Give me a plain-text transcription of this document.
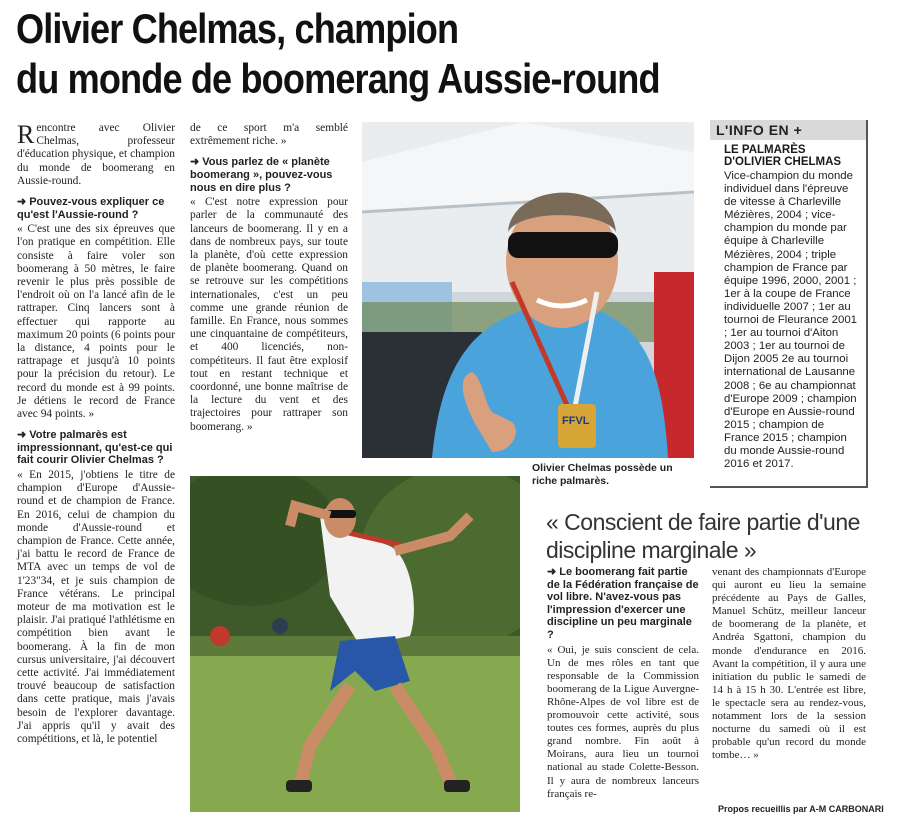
Olivier Chelmas, champion
du monde de boomerang Aussie-round

Rencontre avec Olivier Chelmas, professeur d'éducation physique, et champion du monde de boomerang en Aussie-round.

➜ Pouvez-vous expliquer ce qu'est l'Aussie-round ?

« C'est une des six épreuves que l'on pratique en compétition. Elle consiste à faire voler son boomerang à 50 mètres, le faire revenir le plus près possible de l'endroit où on l'a lancé afin de le rattraper. Cinq lancers sont à effectuer qui rapporte au maximum 20 points (6 points pour la distance, 4 points pour le rattrapage et jusqu'à 10 points pour la précision du retour). Le record du monde est à 99 points. Je détiens le record de France avec 94 points. »

➜ Votre palmarès est impressionnant, qu'est-ce qui fait courir Olivier Chelmas ?

« En 2015, j'obtiens le titre de champion d'Europe d'Aussie-round et de champion de France. En 2016, celui de champion du monde d'Aussie-round et champion de France. Cette année, j'ai battu le record de France de MTA avec un temps de vol de 1'23"34, et je suis champion de France vétérans. Le principal moteur de ma motivation est le plaisir. J'ai pratiqué l'athlétisme en compétition bien avant le boomerang. À la fin de mon cursus universitaire, j'ai découvert cette activité. J'ai immédiatement trouvé beaucoup de satisfaction dans cette pratique, mais j'avais besoin de l'explorer davantage. J'ai appris qu'il y avait des compétitions, et là, le potentiel

de ce sport m'a semblé extrêmement riche. »

➜ Vous parlez de « planète boomerang », pouvez-vous nous en dire plus ?

« C'est notre expression pour parler de la communauté des lanceurs de boomerang. Il y en a dans de nombreux pays, sur toute la planète, d'où cette expression de planète boomerang. Quand on se retrouve sur les compétitions internationales, c'est un peu comme une grande réunion de famille. En France, nous sommes une cinquantaine de compétiteurs, et 400 licenciés, non-compétiteurs. Il faut être explosif tout en restant technique et coordonné, une bonne maîtrise de la lecture du vent et des trajectoires pour rattraper son boomerang. »	FFVL
Olivier Chelmas possède un riche palmarès.
L'INFO EN +
LE PALMARÈS D'OLIVIER CHELMAS
Vice-champion du monde individuel dans l'épreuve de vitesse à Charleville Mézières, 2004 ; vice-champion du monde par équipe à Charleville Mézières, 2004 ; triple champion de France par équipe 1996, 2000, 2001 ; 1er à la coupe de France individuelle 2007 ; 1er au tournoi de Fleurance 2001 ; 1er au tournoi d'Aiton 2003 ; 1er au tournoi de Dijon 2005 2e au tournoi international de Lausanne 2008 ; 6e au championnat d'Europe 2009 ; champion d'Europe en Aussie-round 2015 ; champion de France 2015 ; champion du monde Aussie-round 2016 et 2017.
« Conscient de faire partie d'une discipline marginale »

➜ Le boomerang fait partie de la Fédération française de vol libre. N'avez-vous pas l'impression d'exercer une discipline un peu marginale ?

« Oui, je suis conscient de cela. Un de mes rôles en tant que responsable de la Commission boomerang de la Ligue Auvergne-Rhône-Alpes de vol libre est de promouvoir cette activité, sous toutes ces formes, auprès du plus grand nombre. Fin août à Moirans, aura lieu un tournoi national au stade Colette-Besson. Il y aura de nombreux lanceurs français re-

venant des championnats d'Europe qui auront eu lieu la semaine précédente au Pays de Galles, Manuel Schütz, meilleur lanceur de boomerang de la planète, et Andréa Sgattoni, champion du monde d'endurance en 2016. Avant la compétition, il y aura une initiation du public le samedi de 14 h à 15 h 30. L'entrée est libre, le spectacle sera au rendez-vous, notamment lors de la session nocturne du samedi où il est probable qu'un record du monde tombe… »

Propos recueillis par A-M CARBONARI
